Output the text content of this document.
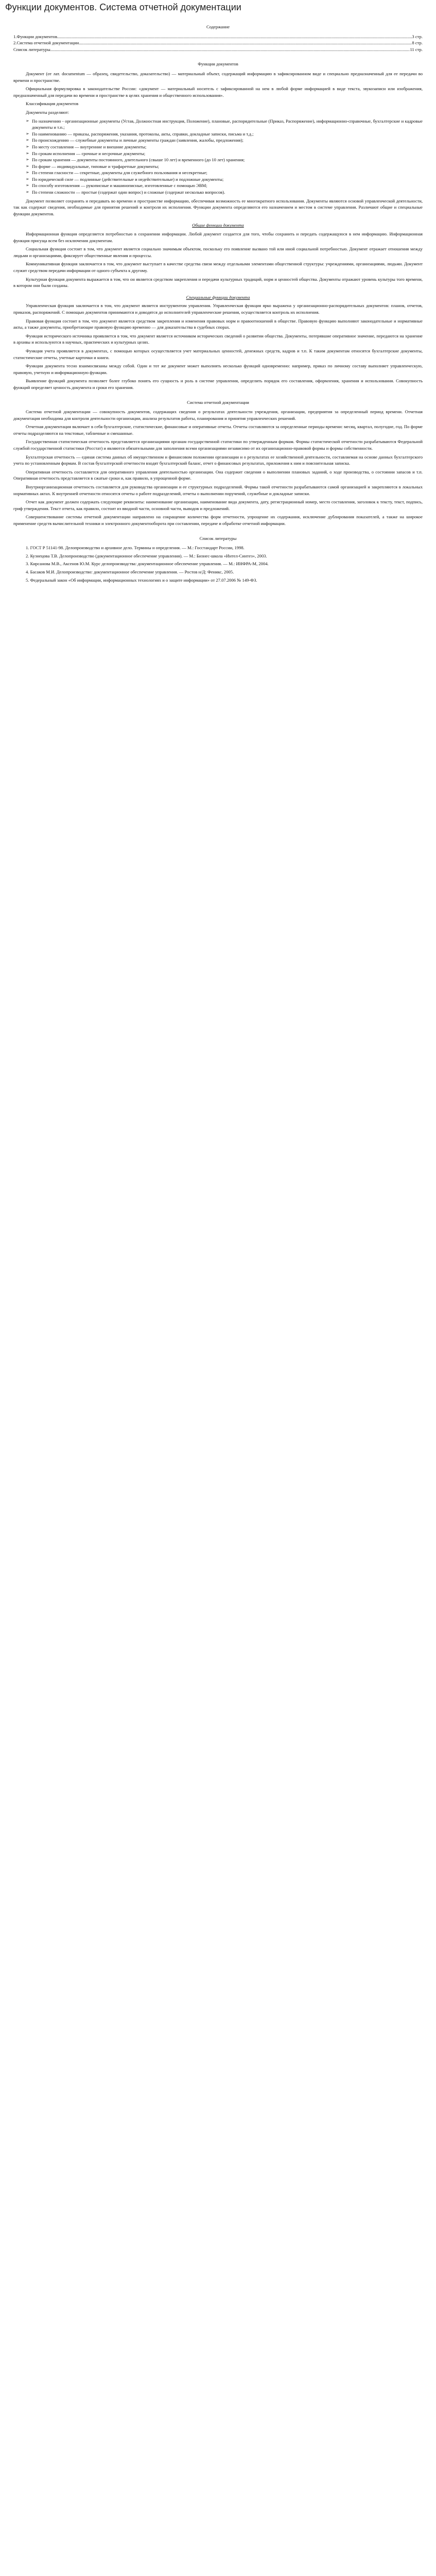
Функции документов. Система отчетной документации
Содержание
1.Функции документов .....	3 стр.
2.Система отчетной документации .....	8 стр.
Список литературы .....	11 стр.
Функции документов

Документ (от лат. documentum — образец, свидетельство, доказательство) — материальный объект, содержащий информацию в зафиксированном виде и специально предназначенный для ее передачи во времени и пространстве.

Официальная формулировка в законодательстве России: «документ — материальный носитель с зафиксированной на нем в любой форме информацией в виде текста, звукозаписи или изображения, предназначенный для передачи во времени и пространстве в целях хранения и общественного использования».

Классификация документов

Документы разделяют:

➢ По назначению - организационные документы (Устав, Должностная инструкция, Положение), плановые, распорядительные (Приказ, Распоряжение), информационно-справочные, бухгалтерские и кадровые документы и т.п.;
➢ По наименованию — приказы, распоряжения, указания, протоколы, акты, справки, докладные записки, письма и т.д.;
➢ По происхождению — служебные документы и личные документы граждан (заявления, жалобы, предложения);
➢ По месту составления — внутренние и внешние документы;
➢ По срокам исполнения — срочные и несрочные документы;
➢ По срокам хранения — документы постоянного, длительного (свыше 10 лет) и временного (до 10 лет) хранения;
➢ По форме — индивидуальные, типовые и трафаретные документы;
➢ По степени гласности — секретные, документы для служебного пользования и несекретные;
➢ По юридической силе — подлинные (действительные и недействительные) и подложные документы;
➢ По способу изготовления — рукописные и машинописные, изготовленные с помощью ЭВМ;
➢ По степени сложности — простые (содержат один вопрос) и сложные (содержат несколько вопросов).

Документ позволяет сохранять и передавать во времени и пространстве информацию, обеспечивая возможность ее многократного использования. Документы являются основой управленческой деятельности, так как содержат сведения, необходимые для принятия решений и контроля их исполнения. Функции документа определяются его назначением и местом в системе управления. Различают общие и специальные функции документов.

Общие функции документа

Информационная функция определяется потребностью в сохранении информации. Любой документ создается для того, чтобы сохранить и передать содержащуюся в нем информацию. Информационная функция присуща всем без исключения документам.

Социальная функция состоит в том, что документ является социально значимым объектом, поскольку его появление вызвано той или иной социальной потребностью. Документ отражает отношения между людьми и организациями, фиксирует общественные явления и процессы.

Коммуникативная функция заключается в том, что документ выступает в качестве средства связи между отдельными элементами общественной структуры: учреждениями, организациями, людьми. Документ служит средством передачи информации от одного субъекта к другому.

Культурная функция документа выражается в том, что он является средством закрепления и передачи культурных традиций, норм и ценностей общества. Документы отражают уровень культуры того времени, в котором они были созданы.

Специальные функции документа

Управленческая функция заключается в том, что документ является инструментом управления. Управленческая функция ярко выражена у организационно-распорядительных документов: планов, отчетов, приказов, распоряжений. С помощью документов принимаются и доводятся до исполнителей управленческие решения, осуществляется контроль их исполнения.

Правовая функция состоит в том, что документ является средством закрепления и изменения правовых норм и правоотношений в обществе. Правовую функцию выполняют законодательные и нормативные акты, а также документы, приобретающие правовую функцию временно — для доказательства в судебных спорах.

Функция исторического источника проявляется в том, что документ является источником исторических сведений о развитии общества. Документы, потерявшие оперативное значение, передаются на хранение в архивы и используются в научных, практических и культурных целях.

Функция учета проявляется в документах, с помощью которых осуществляется учет материальных ценностей, денежных средств, кадров и т.п. К таким документам относятся бухгалтерские документы, статистические отчеты, учетные карточки и книги.

Функции документа тесно взаимосвязаны между собой. Один и тот же документ может выполнять несколько функций одновременно: например, приказ по личному составу выполняет управленческую, правовую, учетную и информационную функции.

Выявление функций документа позволяет более глубоко понять его сущность и роль в системе управления, определить порядок его составления, оформления, хранения и использования. Совокупность функций определяет ценность документа и сроки его хранения.

Система отчетной документации

Система отчетной документации — совокупность документов, содержащих сведения о результатах деятельности учреждения, организации, предприятия за определенный период времени. Отчетная документация необходима для контроля деятельности организации, анализа результатов работы, планирования и принятия управленческих решений.

Отчетная документация включает в себя бухгалтерские, статистические, финансовые и оперативные отчеты. Отчеты составляются за определенные периоды времени: месяц, квартал, полугодие, год. По форме отчеты подразделяются на текстовые, табличные и смешанные.

Государственная статистическая отчетность представляется организациями органам государственной статистики по утвержденным формам. Формы статистической отчетности разрабатываются Федеральной службой государственной статистики (Росстат) и являются обязательными для заполнения всеми организациями независимо от их организационно-правовой формы и формы собственности.

Бухгалтерская отчетность — единая система данных об имущественном и финансовом положении организации и о результатах ее хозяйственной деятельности, составляемая на основе данных бухгалтерского учета по установленным формам. В состав бухгалтерской отчетности входят бухгалтерский баланс, отчет о финансовых результатах, приложения к ним и пояснительная записка.

Оперативная отчетность составляется для оперативного управления деятельностью организации. Она содержит сведения о выполнении плановых заданий, о ходе производства, о состоянии запасов и т.п. Оперативная отчетность представляется в сжатые сроки и, как правило, в упрощенной форме.

Внутриорганизационная отчетность составляется для руководства организации и ее структурных подразделений. Формы такой отчетности разрабатываются самой организацией и закрепляются в локальных нормативных актах. К внутренней отчетности относятся отчеты о работе подразделений, отчеты о выполнении поручений, служебные и докладные записки.

Отчет как документ должен содержать следующие реквизиты: наименование организации, наименование вида документа, дату, регистрационный номер, место составления, заголовок к тексту, текст, подпись, гриф утверждения. Текст отчета, как правило, состоит из вводной части, основной части, выводов и предложений.

Совершенствование системы отчетной документации направлено на сокращение количества форм отчетности, упрощение их содержания, исключение дублирования показателей, а также на широкое применение средств вычислительной техники и электронного документооборота при составлении, передаче и обработке отчетной информации.

Список литературы

1. ГОСТ Р 51141-98. Делопроизводство и архивное дело. Термины и определения. — М.: Госстандарт России, 1998.

2. Кузнецова Т.В. Делопроизводство (документационное обеспечение управления). — М.: Бизнес-школа «Интел-Синтез», 2003.

3. Кирсанова М.В., Аксенов Ю.М. Курс делопроизводства: документационное обеспечение управления. — М.: ИНФРА-М, 2004.

4. Басаков М.И. Делопроизводство: документационное обеспечение управления. — Ростов н/Д: Феникс, 2005.

5. Федеральный закон «Об информации, информационных технологиях и о защите информации» от 27.07.2006 № 149-ФЗ.
